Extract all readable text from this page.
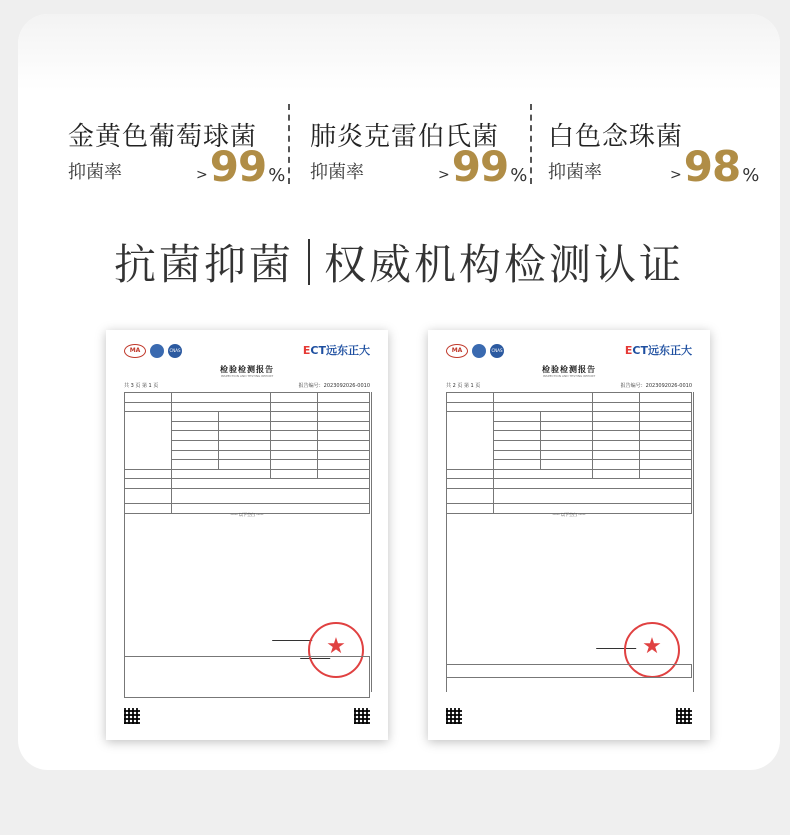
金黄色葡萄球菌
抑菌率	>99 %
肺炎克雷伯氏菌
抑菌率	>99 %
白色念珠菌
抑菌率	>98 %
抗菌抑菌 权威机构检测认证
MA	CNAS	ECT远东正大
检验检测报告
INSPECTION AND TESTING REPORT
共 3 页 第 1 页	报告编号：2023092026-0010

----- 以下空白 -----
★
MA	CNAS	ECT远东正大
检验检测报告
INSPECTION AND TESTING REPORT
共 2 页 第 1 页	报告编号：2023092026-0010

----- 以下空白 -----
★
